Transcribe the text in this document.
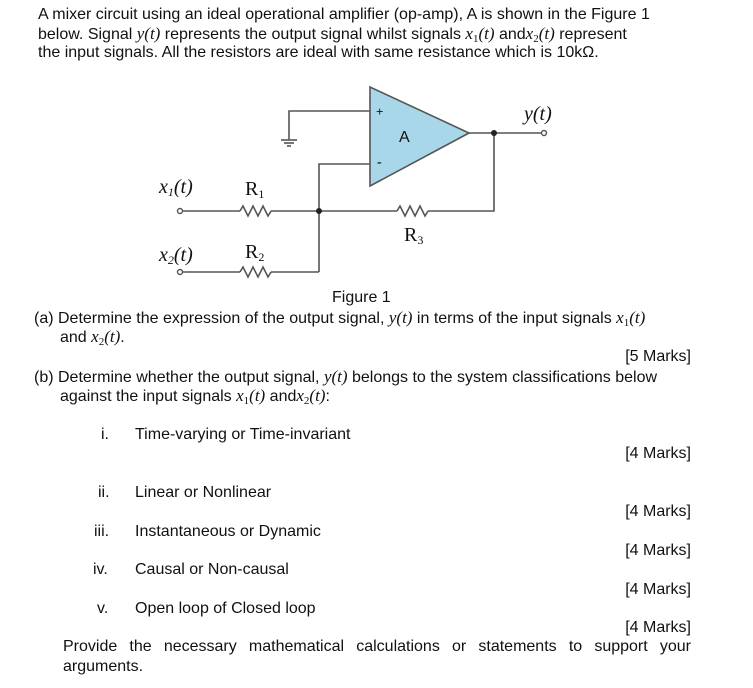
A mixer circuit using an ideal operational amplifier (op-amp), A is shown in the Figure 1
below. Signal y(t) represents the output signal whilst signals $x_1(t)$ andx$_2$(t) represent
the input signals. All the resistors are ideal with same resistance which is 10kΩ.
+
-
A
y(t)
x1(t)
x2(t)
R1
R2
R3
Figure 1
(a) Determine the expression of the output signal, y(t) in terms of the input signals $x_1(t)$
and $x_2(t)$.
[5 Marks]
(b) Determine whether the output signal, y(t) belongs to the system classifications below
against the input signals $x_1(t)$ andx$_2$(t):
i. Time-varying or Time-invariant
[4 Marks]
ii. Linear or Nonlinear
[4 Marks]
iii. Instantaneous or Dynamic
[4 Marks]
iv. Causal or Non-causal
[4 Marks]
v. Open loop of Closed loop
[4 Marks]
Provide the necessary mathematical calculations or statements to support your
arguments.
